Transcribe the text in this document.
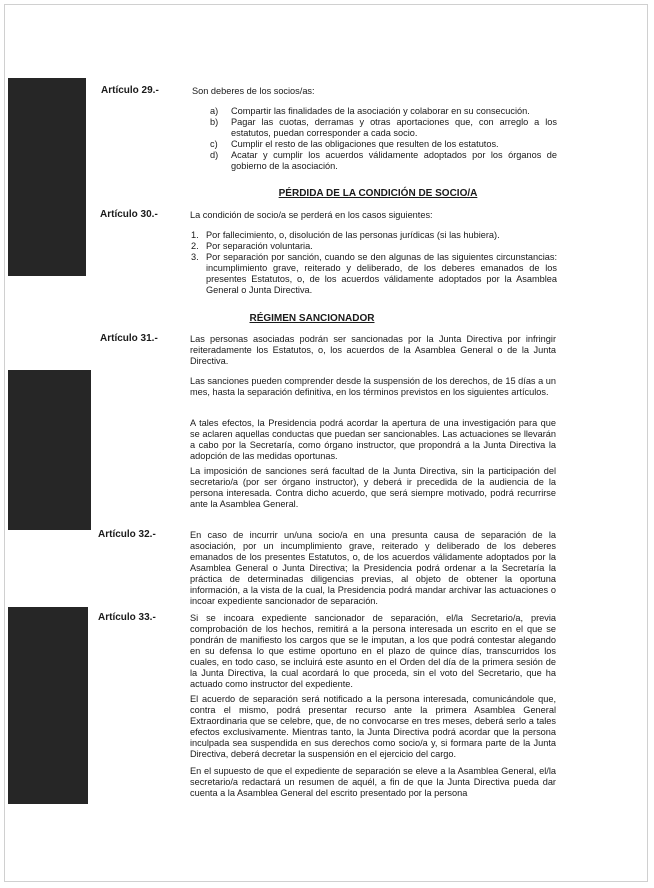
Artículo 29.-	Son deberes de los socios/as:

a)	Compartir las finalidades de la asociación y colaborar en su consecución.
b)	Pagar las cuotas, derramas y otras aportaciones que, con arreglo a los estatutos, puedan corresponder a cada socio.
c)	Cumplir el resto de las obligaciones que resulten de los estatutos.
d)	Acatar y cumplir los acuerdos válidamente adoptados por los órganos de gobierno de la asociación.
PÉRDIDA DE LA CONDICIÓN DE SOCIO/A
Artículo 30.-	La condición de socio/a se perderá en los casos siguientes:

1. Por fallecimiento, o, disolución de las personas jurídicas (si las hubiera).
2. Por separación voluntaria.
3. Por separación por sanción, cuando se den algunas de las siguientes circunstancias: incumplimiento grave, reiterado y deliberado, de los deberes emanados de los presentes Estatutos, o, de los acuerdos válidamente adoptados por la Asamblea General o Junta Directiva.
RÉGIMEN SANCIONADOR
Artículo 31.-	Las personas asociadas podrán ser sancionadas por la Junta Directiva por infringir reiteradamente los Estatutos, o, los acuerdos de la Asamblea General o de la Junta Directiva.

Las sanciones pueden comprender desde la suspensión de los derechos, de 15 días a un mes, hasta la separación definitiva, en los términos previstos en los siguientes artículos.

A tales efectos, la Presidencia podrá acordar la apertura de una investigación para que se aclaren aquellas conductas que puedan ser sancionables. Las actuaciones se llevarán a cabo por la Secretaría, como órgano instructor, que propondrá a la Junta Directiva la adopción de las medidas oportunas.

La imposición de sanciones será facultad de la Junta Directiva, sin la participación del secretario/a (por ser órgano instructor), y deberá ir precedida de la audiencia de la persona interesada. Contra dicho acuerdo, que será siempre motivado, podrá recurrirse ante la Asamblea General.

Artículo 32.-	En caso de incurrir un/una socio/a en una presunta causa de separación de la asociación, por un incumplimiento grave, reiterado y deliberado de los deberes emanados de los presentes Estatutos, o, de los acuerdos válidamente adoptados por la Asamblea General o Junta Directiva; la Presidencia podrá ordenar a la Secretaría la práctica de determinadas diligencias previas, al objeto de obtener la oportuna información, a la vista de la cual, la Presidencia podrá mandar archivar las actuaciones o incoar expediente sancionador de separación.

Artículo 33.-	Si se incoara expediente sancionador de separación, el/la Secretario/a, previa comprobación de los hechos, remitirá a la persona interesada un escrito en el que se pondrán de manifiesto los cargos que se le imputan, a los que podrá contestar alegando en su defensa lo que estime oportuno en el plazo de quince días, transcurridos los cuales, en todo caso, se incluirá este asunto en el Orden del día de la primera sesión de la Junta Directiva, la cual acordará lo que proceda, sin el voto del Secretario, que ha actuado como instructor del expediente.

El acuerdo de separación será notificado a la persona interesada, comunicándole que, contra el mismo, podrá presentar recurso ante la primera Asamblea General Extraordinaria que se celebre, que, de no convocarse en tres meses, deberá serlo a tales efectos exclusivamente. Mientras tanto, la Junta Directiva podrá acordar que la persona inculpada sea suspendida en sus derechos como socio/a y, si formara parte de la Junta Directiva, deberá decretar la suspensión en el ejercicio del cargo.

En el supuesto de que el expediente de separación se eleve a la Asamblea General, el/la secretario/a redactará un resumen de aquél, a fin de que la Junta Directiva pueda dar cuenta a la Asamblea General del escrito presentado por la persona
